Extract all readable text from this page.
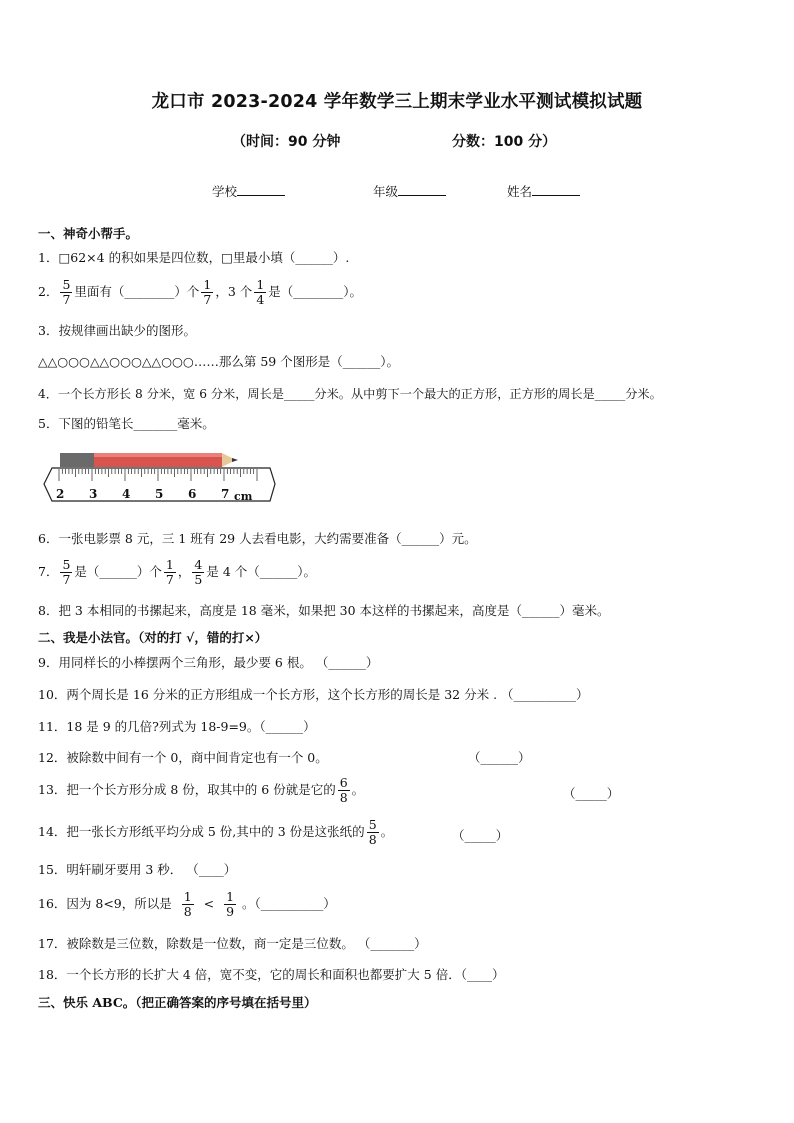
龙口市 2023-2024 学年数学三上期末学业水平测试模拟试题
（时间：90 分钟	分数：100 分）
学校	年级	姓名
一、神奇小帮手。
1．□62×4 的积如果是四位数，□里最小填（______）.
2． $\frac{5}{7}$ 里面有（________）个 $\frac{1}{7}$ ，3 个 $\frac{1}{4}$ 是（________）。
3．按规律画出缺少的图形。
△△○○○△△○○○△△○○○……那么第 59 个图形是（______）。
4．一个长方形长 8 分米，宽 6 分米，周长是_____分米。从中剪下一个最大的正方形，正方形的周长是_____分米。
5．下图的铅笔长_______毫米。
2 3 4 5 6 7 cm
6．一张电影票 8 元，三 1 班有 29 人去看电影，大约需要准备（______）元。
7． $\frac{5}{7}$ 是（______）个 $\frac{1}{7}$ ， $\frac{4}{5}$ 是 4 个（______）。
8．把 3 本相同的书摞起来，高度是 18 毫米，如果把 30 本这样的书摞起来，高度是（______）毫米。
二、我是小法官。（对的打 √，错的打×）
9．用同样长的小棒摆两个三角形，最少要 6 根。 （______）
10．两个周长是 16 分米的正方形组成一个长方形，这个长方形的周长是 32 分米 . （__________）
11．18 是 9 的几倍?列式为 18-9=9。（______）
12．被除数中间有一个 0，商中间肯定也有一个 0。	（______）
13．把一个长方形分成 8 份，取其中的 6 份就是它的 $\frac{6}{8}$ 。	（_____）
14．把一张长方形纸平均分成 5 份,其中的 3 份是这张纸的 $\frac{5}{8}$ 。	（_____）
15．明轩刷牙要用 3 秒． （____）
16．因为 8<9，所以是 $\frac{1}{8} < \frac{1}{9}$ 。（__________）
17．被除数是三位数，除数是一位数，商一定是三位数。 （_______）
18．一个长方形的长扩大 4 倍，宽不变，它的周长和面积也都要扩大 5 倍．（____）
三、快乐 ABC。（把正确答案的序号填在括号里）
